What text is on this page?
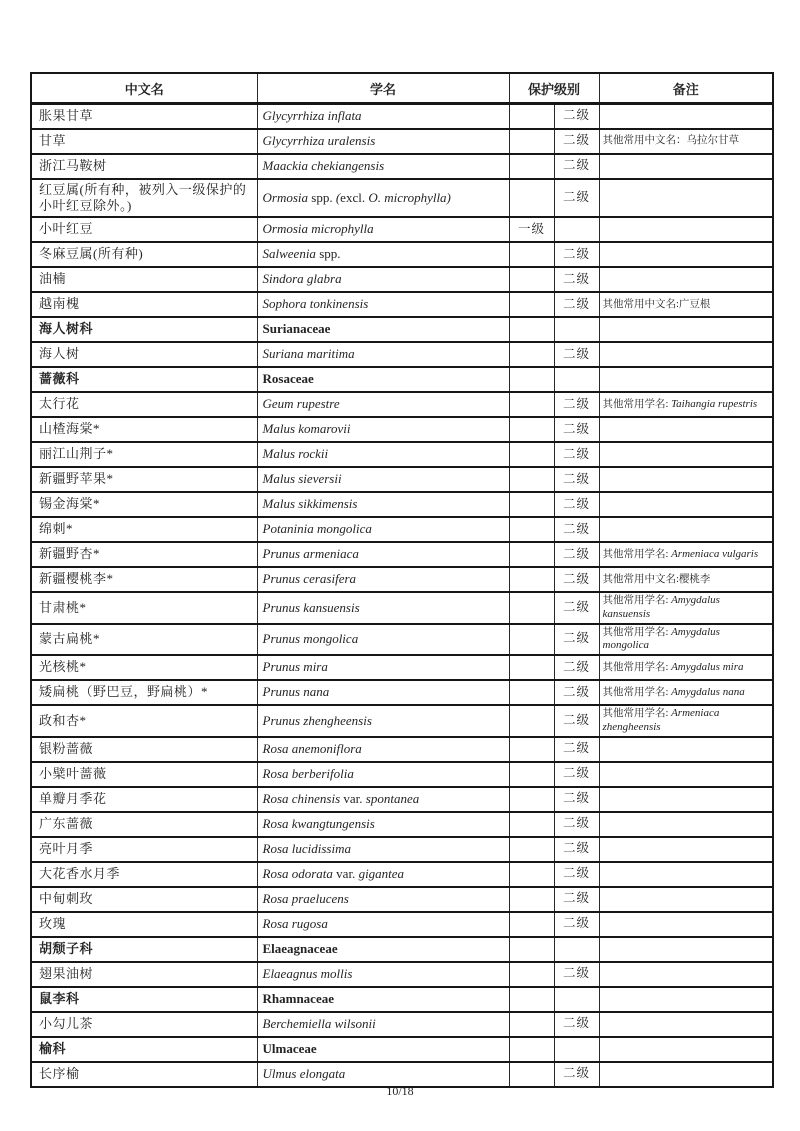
中文名	学名	保护级别		备注
胀果甘草	Glycyrrhiza inflata		二级	
甘草	Glycyrrhiza uralensis		二级	其他常用中文名：乌拉尔甘草
浙江马鞍树	Maackia chekiangensis		二级	
红豆属(所有种，被列入一级保护的小叶红豆除外。)	Ormosia spp. (excl. O. microphylla)		二级	
小叶红豆	Ormosia microphylla	一级		
冬麻豆属(所有种)	Salweenia spp.		二级	
油楠	Sindora glabra		二级	
越南槐	Sophora tonkinensis		二级	其他常用中文名:广豆根
海人树科	Surianaceae			
海人树	Suriana maritima		二级	
蔷薇科	Rosaceae			
太行花	Geum rupestre		二级	其他常用学名: Taihangia rupestris
山楂海棠*	Malus komarovii		二级	
丽江山荆子*	Malus rockii		二级	
新疆野苹果*	Malus sieversii		二级	
锡金海棠*	Malus sikkimensis		二级	
绵刺*	Potaninia mongolica		二级	
新疆野杏*	Prunus armeniaca		二级	其他常用学名: Armeniaca vulgaris
新疆樱桃李*	Prunus cerasifera		二级	其他常用中文名:樱桃李
甘肃桃*	Prunus kansuensis		二级	其他常用学名: Amygdalus kansuensis
蒙古扁桃*	Prunus mongolica		二级	其他常用学名: Amygdalus mongolica
光核桃*	Prunus mira		二级	其他常用学名: Amygdalus mira
矮扁桃（野巴豆，野扁桃）*	Prunus nana		二级	其他常用学名: Amygdalus nana
政和杏*	Prunus zhengheensis		二级	其他常用学名: Armeniaca zhengheensis
银粉蔷薇	Rosa anemoniflora		二级	
小檗叶蔷薇	Rosa berberifolia		二级	
单瓣月季花	Rosa chinensis var. spontanea		二级	
广东蔷薇	Rosa kwangtungensis		二级	
亮叶月季	Rosa lucidissima		二级	
大花香水月季	Rosa odorata var. gigantea		二级	
中甸刺玫	Rosa praelucens		二级	
玫瑰	Rosa rugosa		二级	
胡颓子科	Elaeagnaceae			
翅果油树	Elaeagnus mollis		二级	
鼠李科	Rhamnaceae			
小勾儿茶	Berchemiella wilsonii		二级	
榆科	Ulmaceae			
长序榆	Ulmus elongata		二级	
10/18
